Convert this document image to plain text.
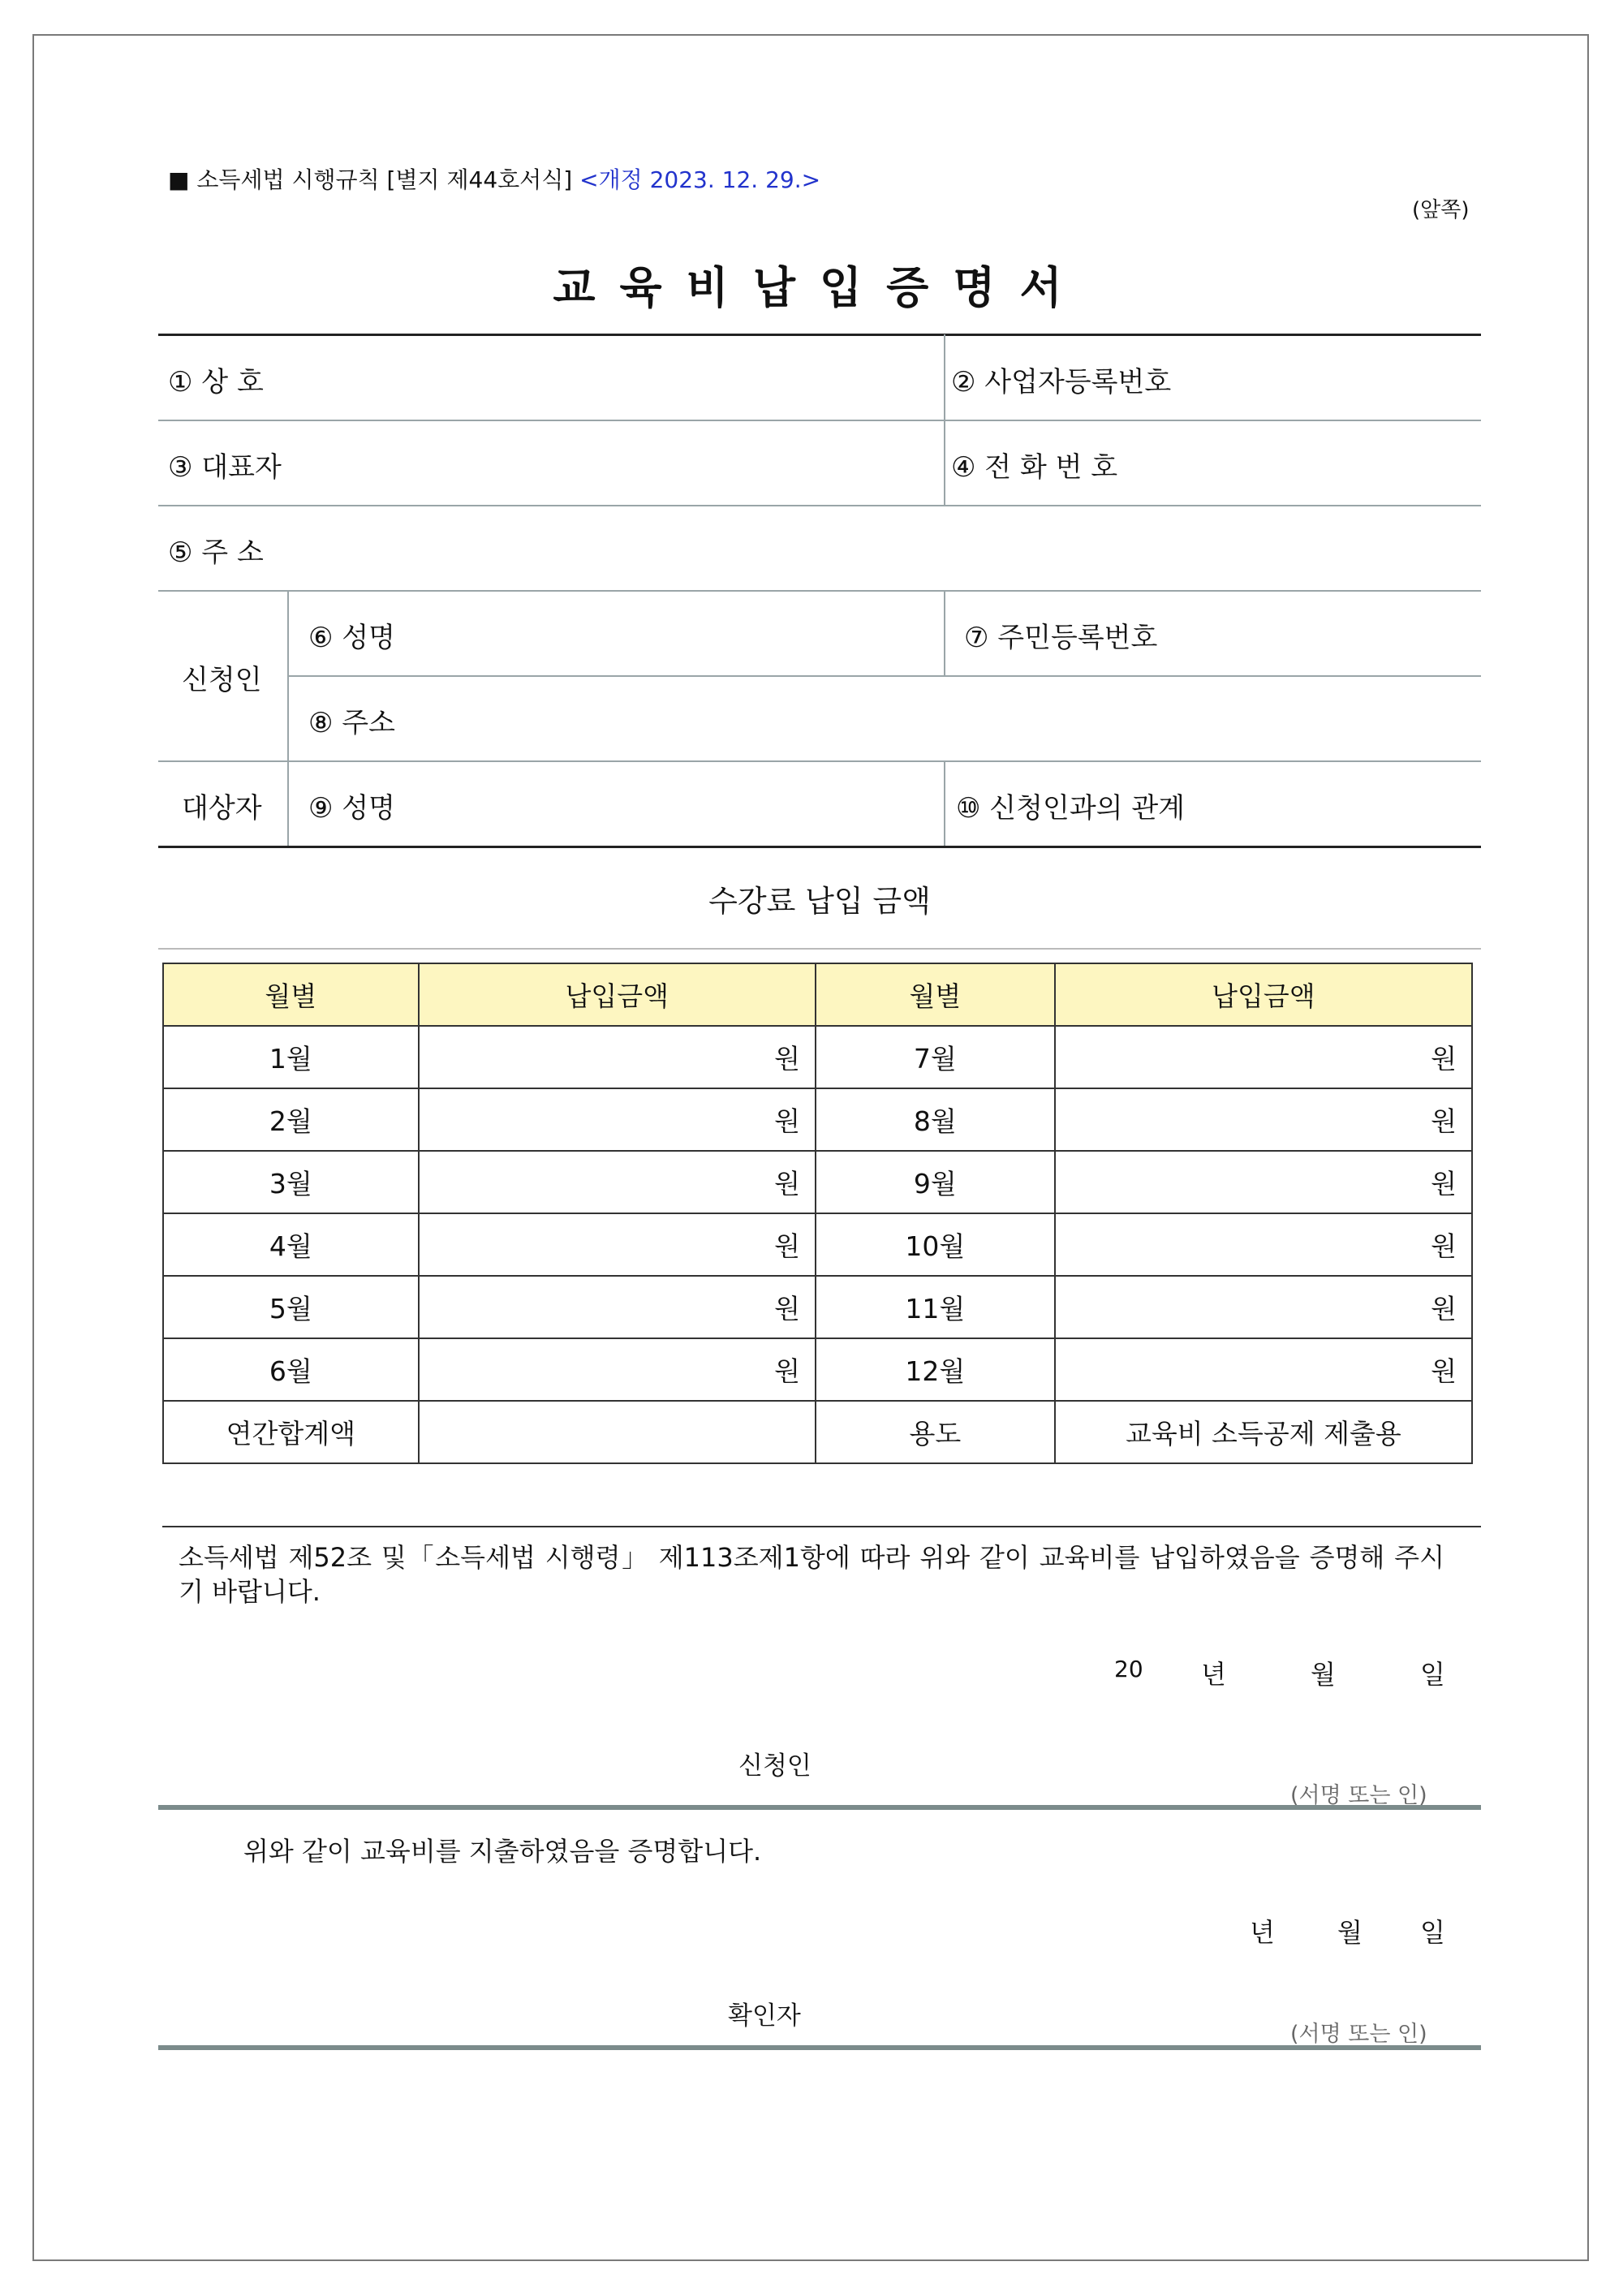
■ 소득세법 시행규칙 [별지 제44호서식] <개정 2023. 12. 29.>
(앞쪽)
교육비납입증명서
① 상 호	② 사업자등록번호
③ 대표자	④ 전 화 번 호
⑤ 주 소
신청인
⑥ 성명	⑦ 주민등록번호
⑧ 주소
대상자 ⑨ 성명	⑩ 신청인과의 관계
수강료 납입 금액
월별	납입금액	월별	납입금액
1월	원	7월	원
2월	원	8월	원
3월	원	9월	원
4월	원	10월	원
5월	원	11월	원
6월	원	12월	원
연간합계액		용도	교육비 소득공제 제출용
소득세법 제52조 및「소득세법 시행령」 제113조제1항에 따라 위와 같이 교육비를 납입하였음을 증명해 주시기 바랍니다.
20 년	월	일
신청인
(서명 또는 인)
위와 같이 교육비를 지출하였음을 증명합니다.
년 월 일
확인자
(서명 또는 인)
